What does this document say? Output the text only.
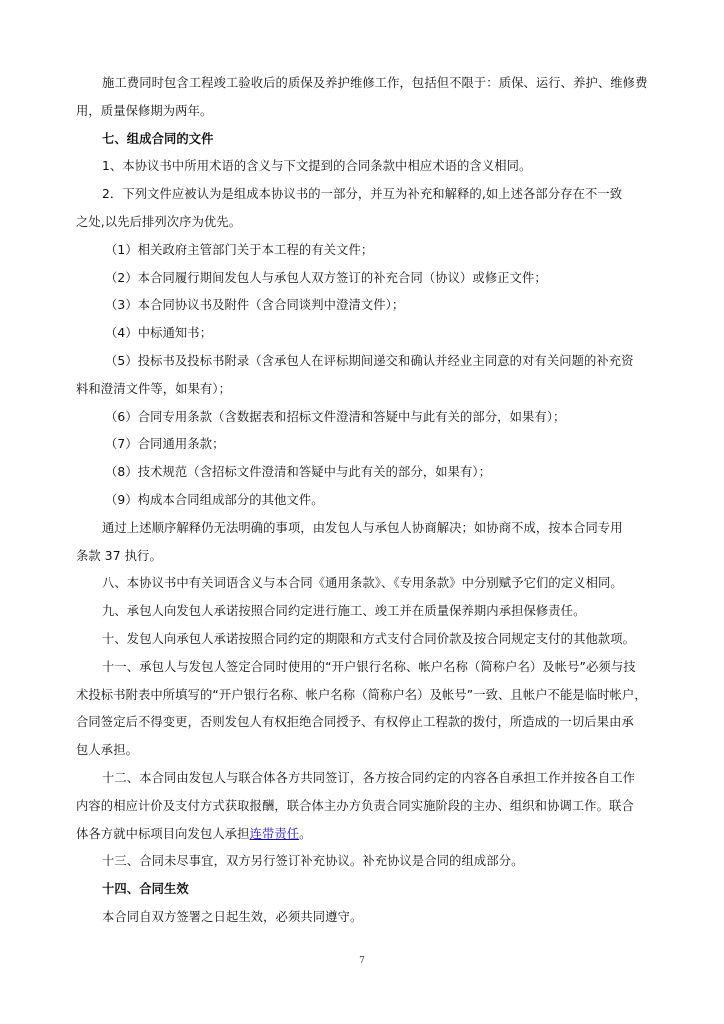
施工费同时包含工程竣工验收后的质保及养护维修工作，包括但不限于：质保、运行、养护、维修费
用，质量保修期为两年。
七、组成合同的文件
1、本协议书中所用术语的含义与下文提到的合同条款中相应术语的含义相同。
2．下列文件应被认为是组成本协议书的一部分，并互为补充和解释的,如上述各部分存在不一致
之处,以先后排列次序为优先。
（1）相关政府主管部门关于本工程的有关文件；
（2）本合同履行期间发包人与承包人双方签订的补充合同（协议）或修正文件；
（3）本合同协议书及附件（含合同谈判中澄清文件）；
（4）中标通知书；
（5）投标书及投标书附录（含承包人在评标期间递交和确认并经业主同意的对有关问题的补充资
料和澄清文件等，如果有）；
（6）合同专用条款（含数据表和招标文件澄清和答疑中与此有关的部分，如果有）；
（7）合同通用条款；
（8）技术规范（含招标文件澄清和答疑中与此有关的部分，如果有）；
（9）构成本合同组成部分的其他文件。
通过上述顺序解释仍无法明确的事项，由发包人与承包人协商解决；如协商不成，按本合同专用
条款 37 执行。
八、本协议书中有关词语含义与本合同《通用条款》、《专用条款》中分别赋予它们的定义相同。
九、承包人向发包人承诺按照合同约定进行施工、竣工并在质量保养期内承担保修责任。
十、发包人向承包人承诺按照合同约定的期限和方式支付合同价款及按合同规定支付的其他款项。
十一、承包人与发包人签定合同时使用的“开户银行名称、帐户名称（简称户名）及帐号”必须与技
术投标书附表中所填写的“开户银行名称、帐户名称（简称户名）及帐号”一致、且帐户不能是临时帐户，
合同签定后不得变更，否则发包人有权拒绝合同授予、有权停止工程款的拨付，所造成的一切后果由承
包人承担。
十二、本合同由发包人与联合体各方共同签订，各方按合同约定的内容各自承担工作并按各自工作
内容的相应计价及支付方式获取报酬，联合体主办方负责合同实施阶段的主办、组织和协调工作。联合
体各方就中标项目向发包人承担连带责任。
十三、合同未尽事宜，双方另行签订补充协议。补充协议是合同的组成部分。
十四、合同生效
本合同自双方签署之日起生效，必须共同遵守。
7
